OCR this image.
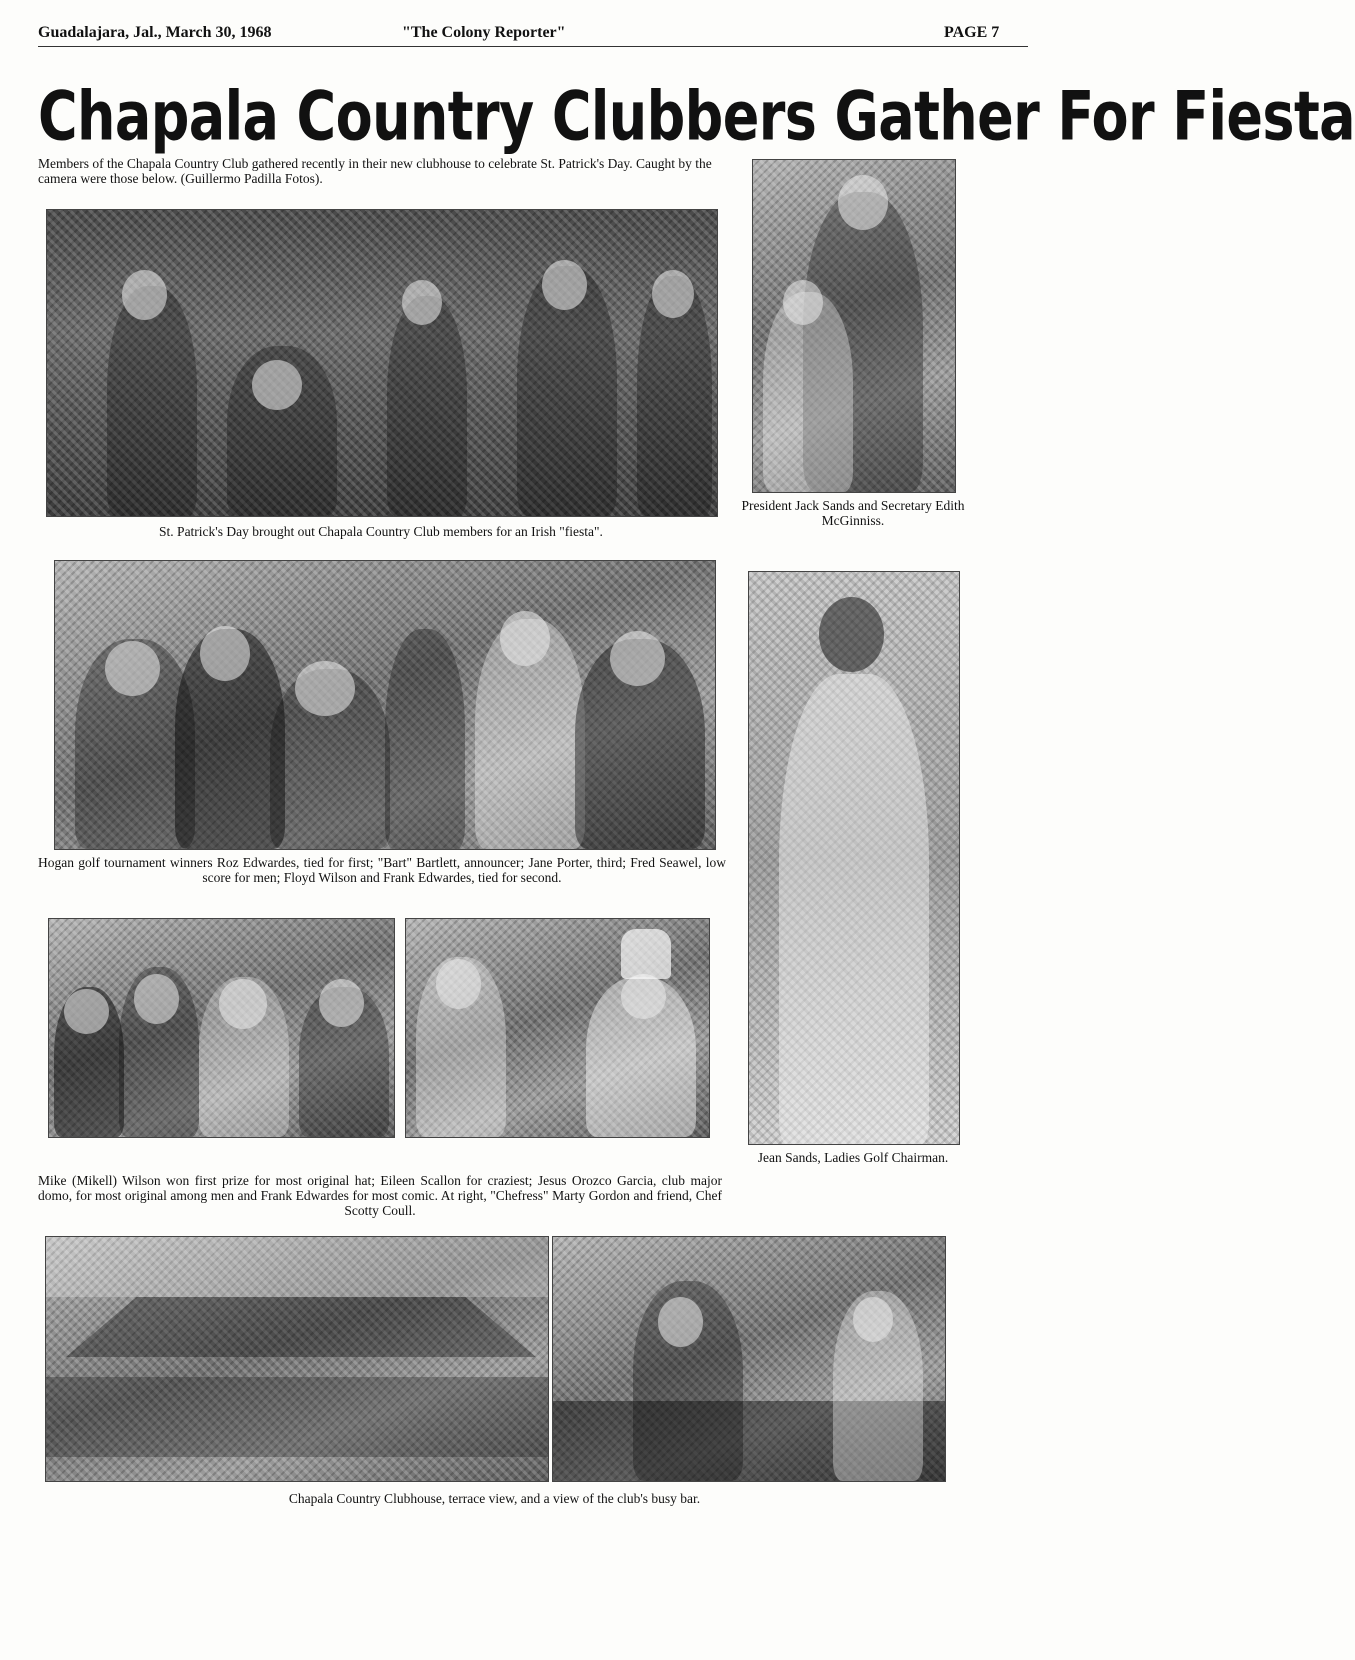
Guadalajara, Jal., March 30, 1968	"The Colony Reporter"	PAGE 7
Chapala Country Clubbers Gather For Fiesta
Members of the Chapala Country Club gathered recently in their new clubhouse to celebrate St. Patrick's Day. Caught by the camera were those below. (Guillermo Padilla Fotos).
St. Patrick's Day brought out Chapala Country Club members for an Irish "fiesta".
President Jack Sands and Secretary Edith McGinniss.
Hogan golf tournament winners Roz Edwardes, tied for first; "Bart" Bartlett, announcer; Jane Porter, third; Fred Seawel, low score for men; Floyd Wilson and Frank Edwardes, tied for second.
Jean Sands, Ladies Golf Chairman.
Mike (Mikell) Wilson won first prize for most original hat; Eileen Scallon for craziest; Jesus Orozco Garcia, club major domo, for most original among men and Frank Edwardes for most comic. At right, "Chefress" Marty Gordon and friend, Chef Scotty Coull.
Chapala Country Clubhouse, terrace view, and a view of the club's busy bar.
